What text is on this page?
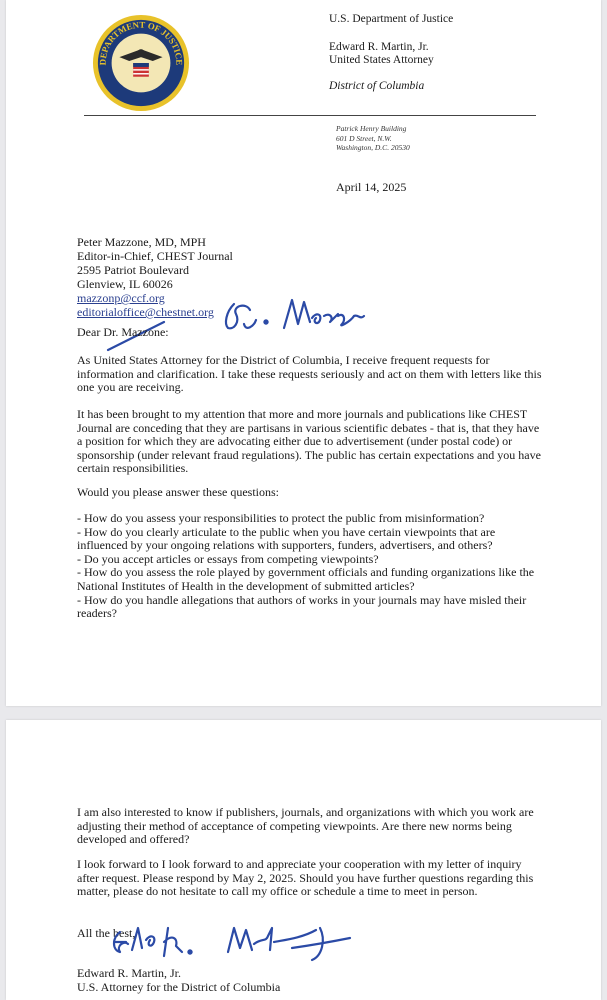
DEPARTMENT OF JUSTICE
U.S. Department of Justice
Edward R. Martin, Jr.
United States Attorney
District of Columbia
Patrick Henry Building
601 D Street, N.W.
Washington, D.C. 20530
April 14, 2025
Peter Mazzone, MD, MPH
Editor-in-Chief, CHEST Journal
2595 Patriot Boulevard
Glenview, IL 60026
mazzonp@ccf.org
editorialoffice@chestnet.org
Dear Dr. Mazzone:
As United States Attorney for the District of Columbia, I receive frequent requests for information and clarification. I take these requests seriously and act on them with letters like this one you are receiving.
It has been brought to my attention that more and more journals and publications like CHEST Journal are conceding that they are partisans in various scientific debates - that is, that they have a position for which they are advocating either due to advertisement (under postal code) or sponsorship (under relevant fraud regulations). The public has certain expectations and you have certain responsibilities.
Would you please answer these questions:
- How do you assess your responsibilities to protect the public from misinformation?
- How do you clearly articulate to the public when you have certain viewpoints that are influenced by your ongoing relations with supporters, funders, advertisers, and others?
- Do you accept articles or essays from competing viewpoints?
- How do you assess the role played by government officials and funding organizations like the National Institutes of Health in the development of submitted articles?
- How do you handle allegations that authors of works in your journals may have misled their readers?
I am also interested to know if publishers, journals, and organizations with which you work are adjusting their method of acceptance of competing viewpoints. Are there new norms being developed and offered?
I look forward to I look forward to and appreciate your cooperation with my letter of inquiry after request. Please respond by May 2, 2025. Should you have further questions regarding this matter, please do not hesitate to call my office or schedule a time to meet in person.
All the best,
Edward R. Martin, Jr.
U.S. Attorney for the District of Columbia
